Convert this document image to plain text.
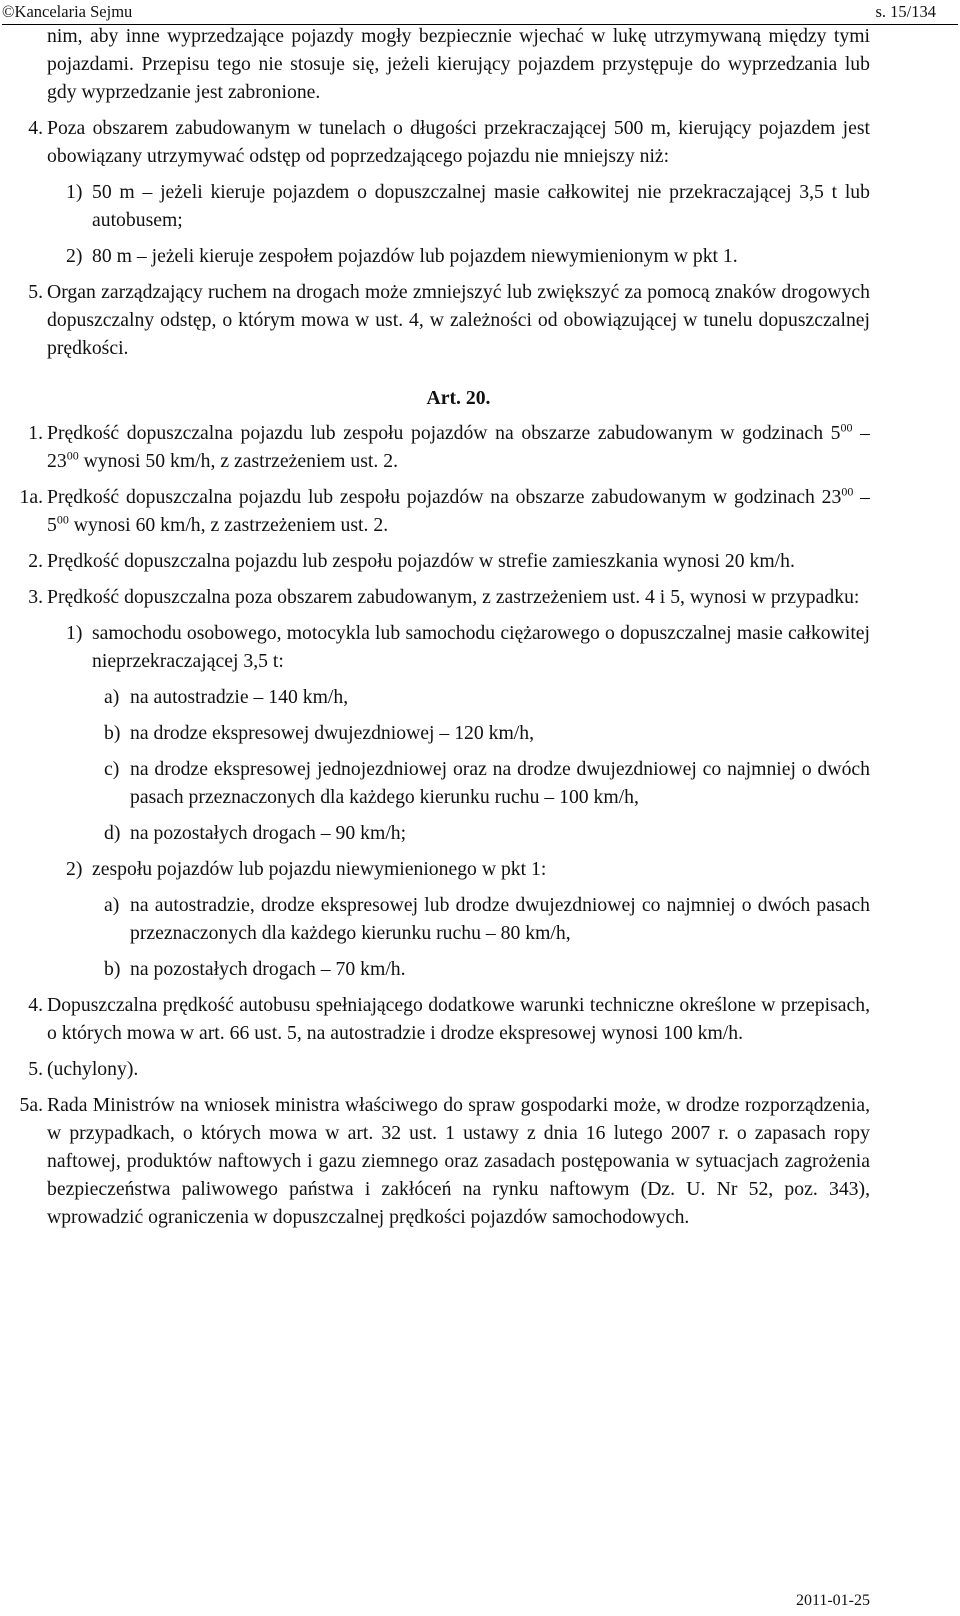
©Kancelaria Sejmu	s. 15/134

nim, aby inne wyprzedzające pojazdy mogły bezpiecznie wjechać w lukę utrzymywaną między tymi pojazdami. Przepisu tego nie stosuje się, jeżeli kierujący pojazdem przystępuje do wyprzedzania lub gdy wyprzedzanie jest zabronione.

4. Poza obszarem zabudowanym w tunelach o długości przekraczającej 500 m, kierujący pojazdem jest obowiązany utrzymywać odstęp od poprzedzającego pojazdu nie mniejszy niż:
1) 50 m – jeżeli kieruje pojazdem o dopuszczalnej masie całkowitej nie przekraczającej 3,5 t lub autobusem;
2) 80 m – jeżeli kieruje zespołem pojazdów lub pojazdem niewymienionym w pkt 1.
5. Organ zarządzający ruchem na drogach może zmniejszyć lub zwiększyć za pomocą znaków drogowych dopuszczalny odstęp, o którym mowa w ust. 4, w zależności od obowiązującej w tunelu dopuszczalnej prędkości.
Art. 20.
1. Prędkość dopuszczalna pojazdu lub zespołu pojazdów na obszarze zabudowanym w godzinach $5^{00} - 23^{00}$ wynosi 50 km/h, z zastrzeżeniem ust. 2.
1a. Prędkość dopuszczalna pojazdu lub zespołu pojazdów na obszarze zabudowanym w godzinach $23^{00} - 5^{00}$ wynosi 60 km/h, z zastrzeżeniem ust. 2.
2. Prędkość dopuszczalna pojazdu lub zespołu pojazdów w strefie zamieszkania wynosi 20 km/h.
3. Prędkość dopuszczalna poza obszarem zabudowanym, z zastrzeżeniem ust. 4 i 5, wynosi w przypadku:
1) samochodu osobowego, motocykla lub samochodu ciężarowego o dopuszczalnej masie całkowitej nieprzekraczającej 3,5 t:
a) na autostradzie – 140 km/h,
b) na drodze ekspresowej dwujezdniowej – 120 km/h,
c) na drodze ekspresowej jednojezdniowej oraz na drodze dwujezdniowej co najmniej o dwóch pasach przeznaczonych dla każdego kierunku ruchu – 100 km/h,
d) na pozostałych drogach – 90 km/h;
2) zespołu pojazdów lub pojazdu niewymienionego w pkt 1:
a) na autostradzie, drodze ekspresowej lub drodze dwujezdniowej co najmniej o dwóch pasach przeznaczonych dla każdego kierunku ruchu – 80 km/h,
b) na pozostałych drogach – 70 km/h.
4. Dopuszczalna prędkość autobusu spełniającego dodatkowe warunki techniczne określone w przepisach, o których mowa w art. 66 ust. 5, na autostradzie i drodze ekspresowej wynosi 100 km/h.
5. (uchylony).
5a. Rada Ministrów na wniosek ministra właściwego do spraw gospodarki może, w drodze rozporządzenia, w przypadkach, o których mowa w art. 32 ust. 1 ustawy z dnia 16 lutego 2007 r. o zapasach ropy naftowej, produktów naftowych i gazu ziemnego oraz zasadach postępowania w sytuacjach zagrożenia bezpieczeństwa paliwowego państwa i zakłóceń na rynku naftowym (Dz. U. Nr 52, poz. 343), wprowadzić ograniczenia w dopuszczalnej prędkości pojazdów samochodowych.
2011-01-25
